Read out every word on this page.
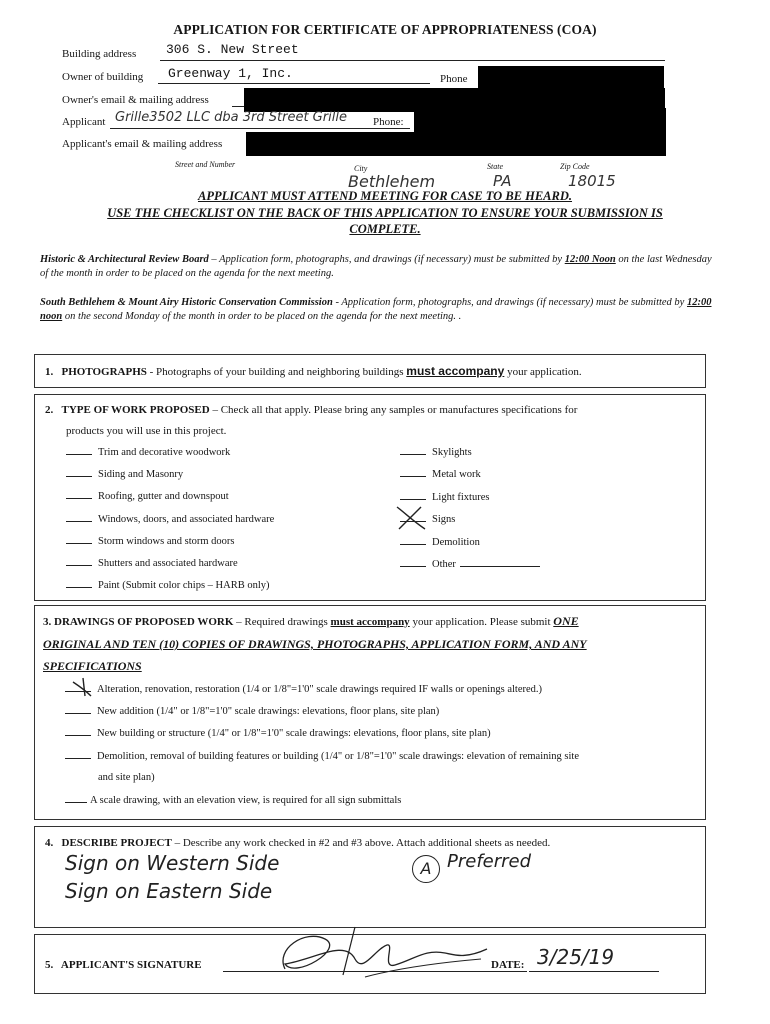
APPLICATION FOR CERTIFICATE OF APPROPRIATENESS (COA)
Building address 306 S. New Street
Owner of building Greenway 1, Inc.	Phone
Owner's email & mailing address
Applicant Grille3502 LLC dba 3rd Street Grille Phone:
Applicant's email & mailing address
Street and Number	City
Bethlehem
State
PA
Zip Code
18015
APPLICANT MUST ATTEND MEETING FOR CASE TO BE HEARD.
USE THE CHECKLIST ON THE BACK OF THIS APPLICATION TO ENSURE YOUR SUBMISSION IS
COMPLETE.
Historic & Architectural Review Board – Application form, photographs, and drawings (if necessary) must be submitted by 12:00 Noon on the last Wednesday of the month in order to be placed on the agenda for the next meeting.
South Bethlehem & Mount Airy Historic Conservation Commission - Application form, photographs, and drawings (if necessary) must be submitted by 12:00 noon on the second Monday of the month in order to be placed on the agenda for the next meeting. .
1. PHOTOGRAPHS - Photographs of your building and neighboring buildings must accompany your application.
2. TYPE OF WORK PROPOSED – Check all that apply. Please bring any samples or manufactures specifications for
products you will use in this project.
Trim and decorative woodwork
Siding and Masonry
Roofing, gutter and downspout
Windows, doors, and associated hardware
Storm windows and storm doors
Shutters and associated hardware
Paint (Submit color chips – HARB only)
Skylights
Metal work
Light fixtures
Signs
Demolition
Other
3. DRAWINGS OF PROPOSED WORK – Required drawings must accompany your application. Please submit ONE
ORIGINAL AND TEN (10) COPIES OF DRAWINGS, PHOTOGRAPHS, APPLICATION FORM, AND ANY
SPECIFICATIONS
Alteration, renovation, restoration (1/4 or 1/8"=1'0" scale drawings required IF walls or openings altered.)
New addition (1/4" or 1/8"=1'0" scale drawings: elevations, floor plans, site plan)
New building or structure (1/4" or 1/8"=1'0" scale drawings: elevations, floor plans, site plan)
Demolition, removal of building features or building (1/4" or 1/8"=1'0" scale drawings: elevation of remaining site
and site plan)
A scale drawing, with an elevation view, is required for all sign submittals
4. DESCRIBE PROJECT – Describe any work checked in #2 and #3 above. Attach additional sheets as needed.
Sign on Western Side	A Preferred
Sign on Eastern Side
5. APPLICANT'S SIGNATURE	DATE: 3/25/19
